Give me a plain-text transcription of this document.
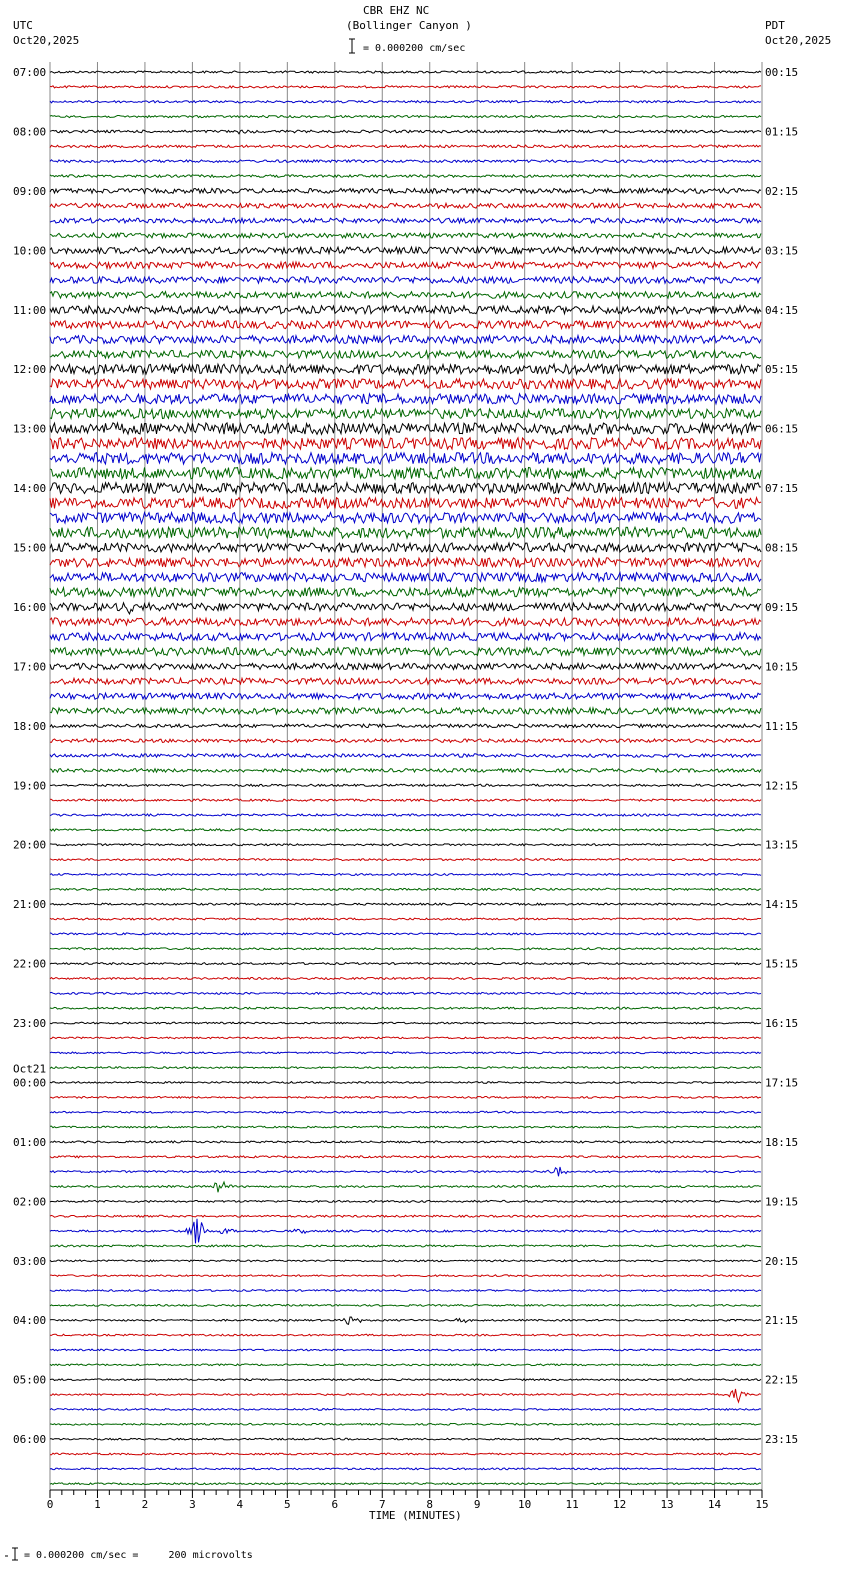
UTC
Oct20,2025
CBR EHZ NC
(Bollinger Canyon )
= 0.000200 cm/sec
PDT
Oct20,2025
TIME (MINUTES)
= 0.000200 cm/sec =     200 microvolts
07:00
08:00
09:00
10:00
11:00
12:00
13:00
14:00
15:00
16:00
17:00
18:00
19:00
20:00
21:00
22:00
23:00
00:00
Oct21
01:00
02:00
03:00
04:00
05:00
06:00
00:15
01:15
02:15
03:15
04:15
05:15
06:15
07:15
08:15
09:15
10:15
11:15
12:15
13:15
14:15
15:15
16:15
17:15
18:15
19:15
20:15
21:15
22:15
23:15
0	1	2	3	4	5	6	7	8	9	10	11	12	13	14	15
